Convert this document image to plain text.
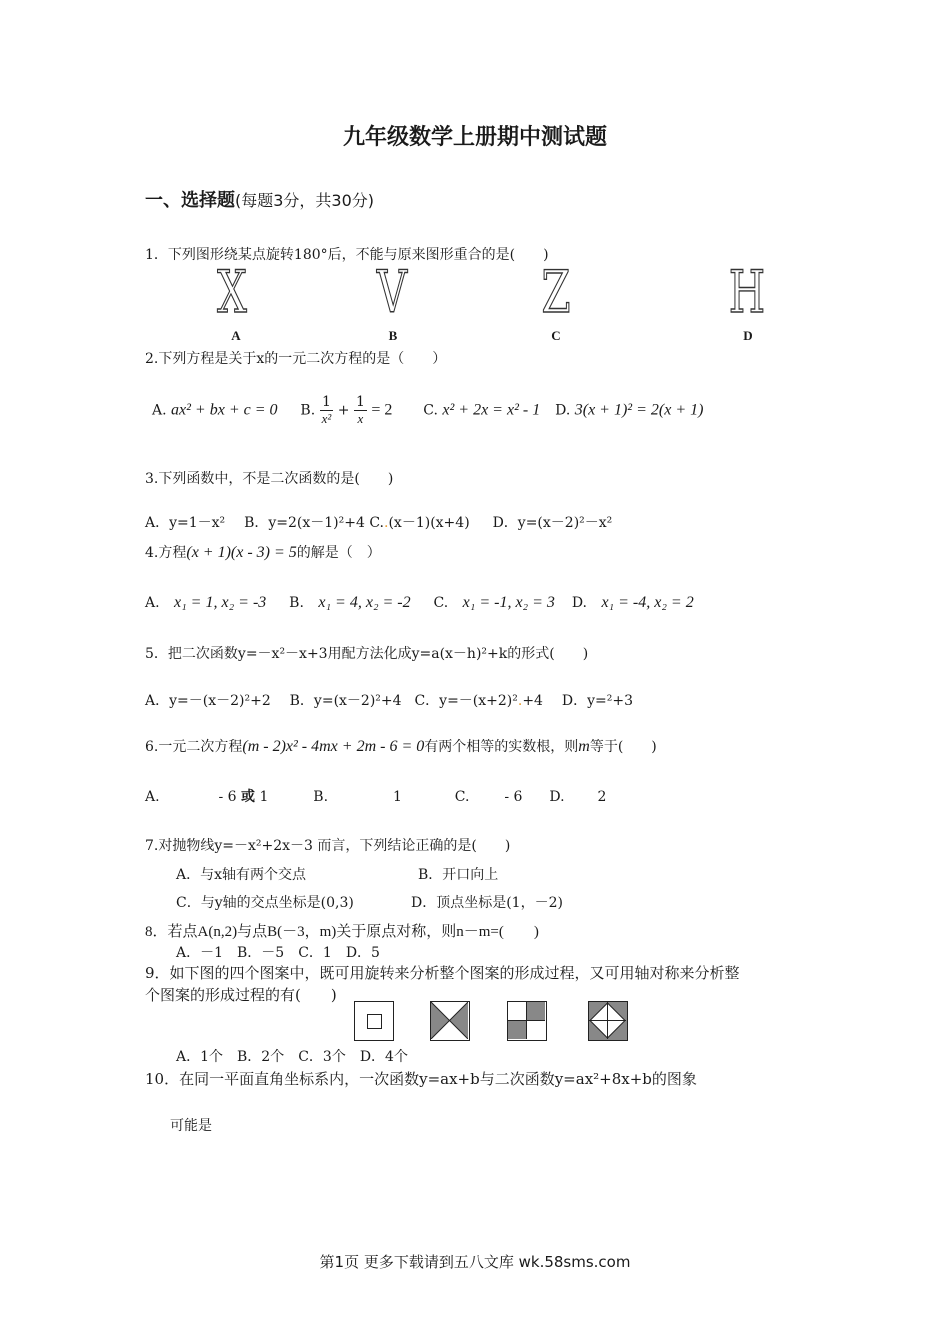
九年级数学上册期中测试题
一、选择题(每题3分，共30分)
1．下列图形绕某点旋转180°后，不能与原来图形重合的是(　　)
X V Z	H
A	B	C	D
2.下列方程是关于x的一元二次方程的是（　　）
A. ax² + bx + c = 0 B. $\frac{1}{\text{x²}} + \frac{1}{x} = 2$ C. x² + 2x = x² - 1 D. 3(x + 1)² = 2(x + 1)
3.下列函数中，不是二次函数的是(　　)
A．y=1－x² B．y=2(x－1)²+4 C..(x－1)(x+4) D．y=(x－2)²－x²
4.方程(x + 1)(x - 3) = 5的解是（　）
A. x₁ = 1, x₂ = -3 B. x₁ = 4, x₂ = -2 C. x₁ = -1, x₂ = 3 D. x₁ = -4, x₂ = 2
5．把二次函数y=－x²－x+3用配方法化成y=a(x－h)²+k的形式(　　)
A．y=－(x－2)²+2 B．y=(x－2)²+4 C．y=－(x+2)².+4 D．y=²+3
6.一元二次方程(m - 2)x² - 4mx + 2m - 6 = 0有两个相等的实数根，则m等于(　　)
A.	- 6 或 1	B.	1	C. - 6 D. 2
7.对抛物线y=－x²+2x－3 而言，下列结论正确的是(　　)
A．与x轴有两个交点	B．开口向上
C．与y轴的交点坐标是(0,3)	D．顶点坐标是(1，－2)
8．若点A(n,2)与点B(－3，m)关于原点对称，则n－m=(　　)
A．－1　B．－5　C．1　D．5
9．如下图的四个图案中，既可用旋转来分析整个图案的形成过程，又可用轴对称来分析整
个图案的形成过程的有(　　)
A．1个　B．2个　C．3个　D．4个
10．在同一平面直角坐标系内，一次函数y=ax+b与二次函数y=ax²+8x+b的图象
可能是
第1页 更多下载请到五八文库 wk.58sms.com
